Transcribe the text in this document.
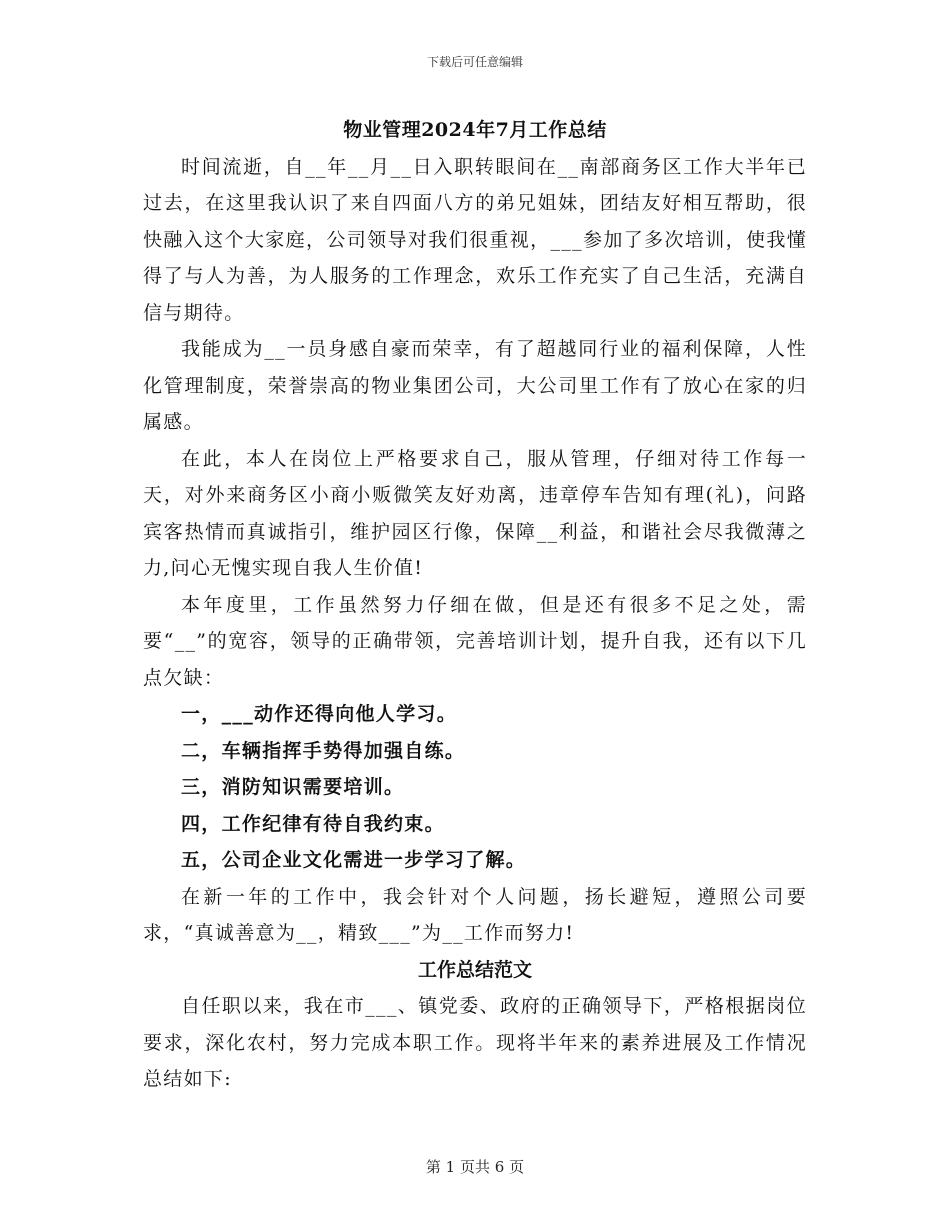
下载后可任意编辑
物业管理2024年7月工作总结

时间流逝，自__年__月__日入职转眼间在__南部商务区工作大半年已过去，在这里我认识了来自四面八方的弟兄姐妹，团结友好相互帮助，很快融入这个大家庭，公司领导对我们很重视，___参加了多次培训，使我懂得了与人为善，为人服务的工作理念，欢乐工作充实了自己生活，充满自信与期待。

我能成为__一员身感自豪而荣幸，有了超越同行业的福利保障，人性化管理制度，荣誉崇高的物业集团公司，大公司里工作有了放心在家的归属感。

在此，本人在岗位上严格要求自己，服从管理，仔细对待工作每一天，对外来商务区小商小贩微笑友好劝离，违章停车告知有理(礼)，问路宾客热情而真诚指引，维护园区行像，保障__利益，和谐社会尽我微薄之力,问心无愧实现自我人生价值!

本年度里，工作虽然努力仔细在做，但是还有很多不足之处，需要“__”的宽容，领导的正确带领，完善培训计划，提升自我，还有以下几点欠缺：

一，___动作还得向他人学习。

二，车辆指挥手势得加强自练。

三，消防知识需要培训。

四，工作纪律有待自我约束。

五，公司企业文化需进一步学习了解。

在新一年的工作中，我会针对个人问题，扬长避短，遵照公司要求，“真诚善意为__，精致___”为__工作而努力!

工作总结范文

自任职以来，我在市___、镇党委、政府的正确领导下，严格根据岗位要求，深化农村，努力完成本职工作。现将半年来的素养进展及工作情况总结如下:

第 1 页共 6 页
